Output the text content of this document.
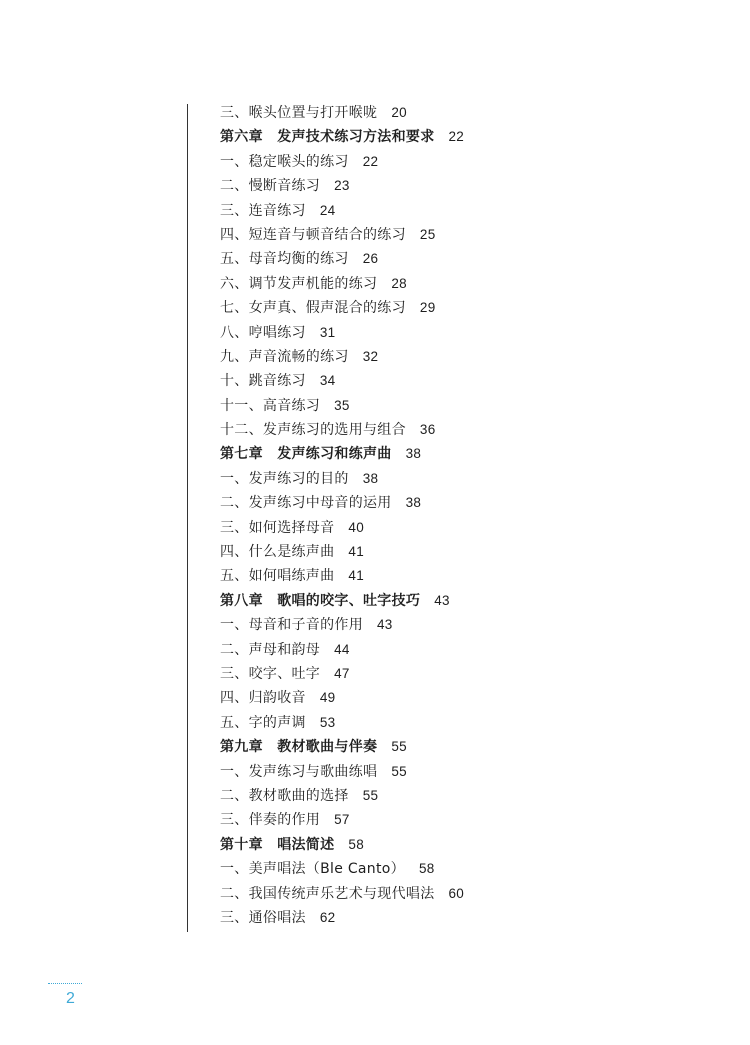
三、喉头位置与打开喉咙 20
第六章　发声技术练习方法和要求 22
一、稳定喉头的练习 22
二、慢断音练习 23
三、连音练习 24
四、短连音与顿音结合的练习 25
五、母音均衡的练习 26
六、调节发声机能的练习 28
七、女声真、假声混合的练习 29
八、哼唱练习 31
九、声音流畅的练习 32
十、跳音练习 34
十一、高音练习 35
十二、发声练习的选用与组合 36
第七章　发声练习和练声曲 38
一、发声练习的目的 38
二、发声练习中母音的运用 38
三、如何选择母音 40
四、什么是练声曲 41
五、如何唱练声曲 41
第八章　歌唱的咬字、吐字技巧 43
一、母音和子音的作用 43
二、声母和韵母 44
三、咬字、吐字 47
四、归韵收音 49
五、字的声调 53
第九章　教材歌曲与伴奏 55
一、发声练习与歌曲练唱 55
二、教材歌曲的选择 55
三、伴奏的作用 57
第十章　唱法简述 58
一、美声唱法（Ble Canto） 58
二、我国传统声乐艺术与现代唱法 60
三、通俗唱法 62
2
